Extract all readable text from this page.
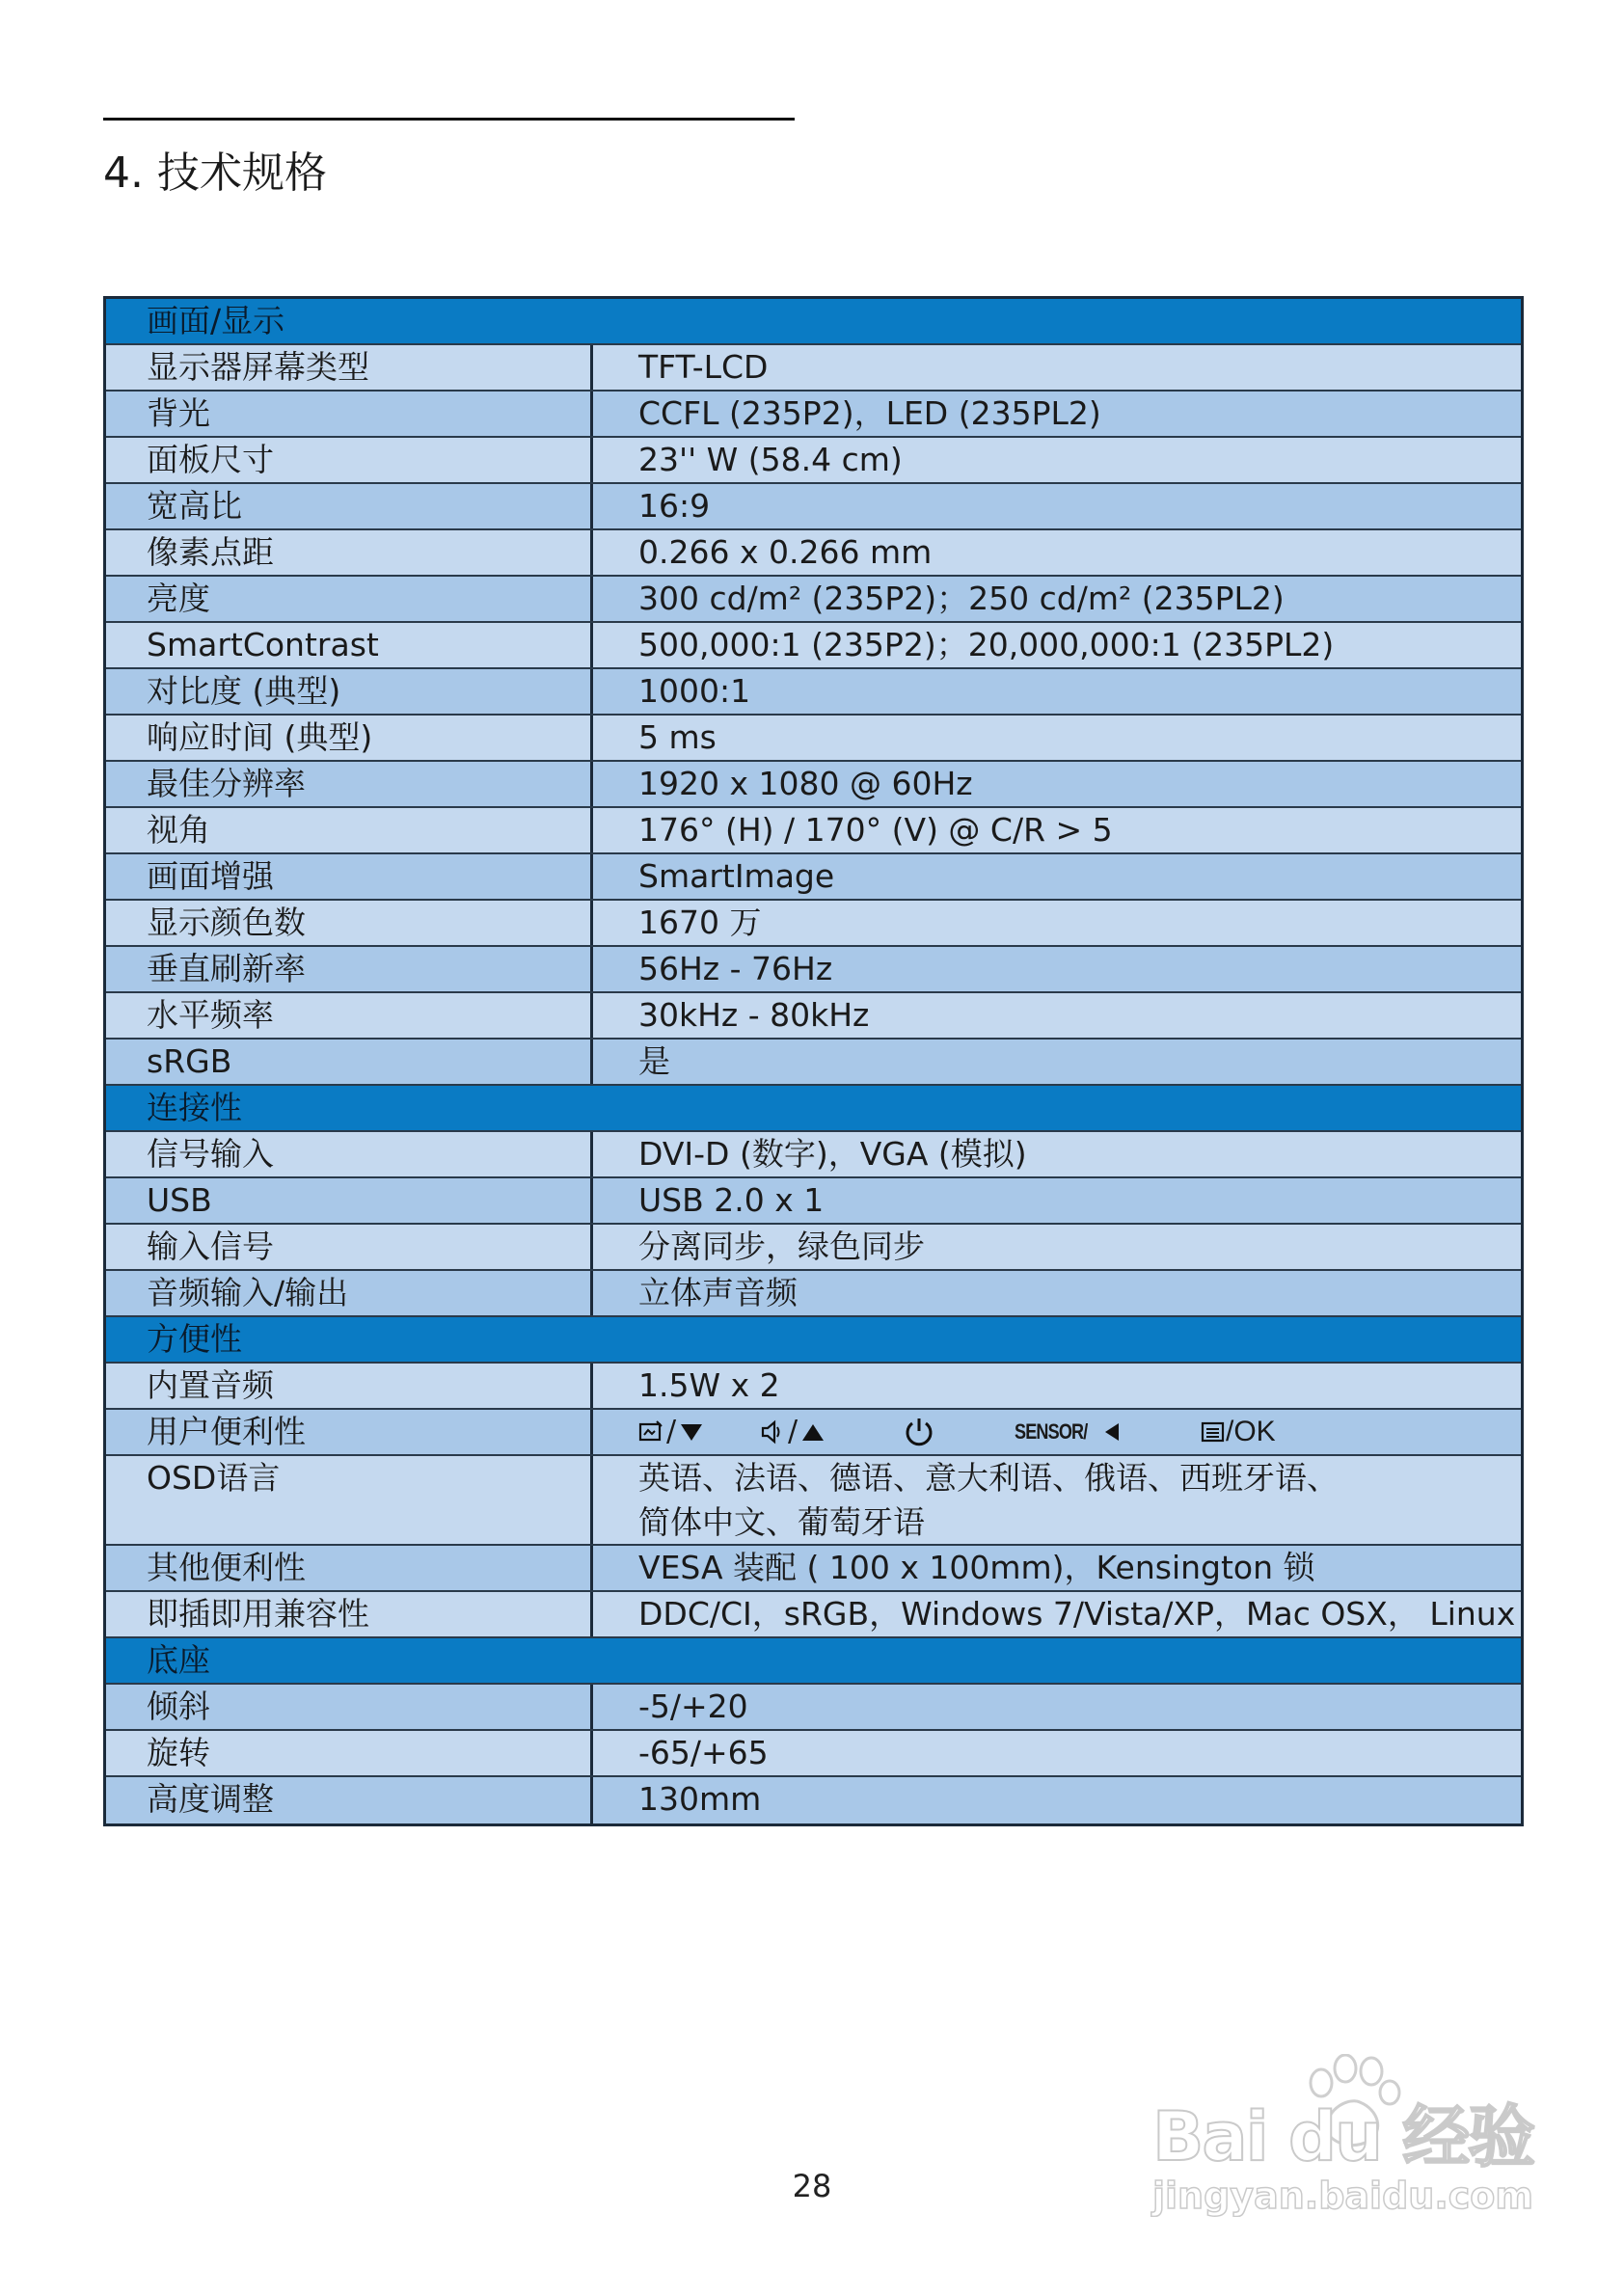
4. 技术规格
画面/显示
显示器屏幕类型	TFT-LCD
背光	CCFL (235P2)，LED (235PL2)
面板尺寸	23'' W (58.4 cm)
宽高比	16:9
像素点距	0.266 x 0.266 mm
亮度	300 cd/m² (235P2)；250 cd/m² (235PL2)
SmartContrast	500,000:1 (235P2)；20,000,000:1 (235PL2)
对比度 (典型)	1000:1
响应时间 (典型)	5 ms
最佳分辨率	1920 x 1080 @ 60Hz
视角	176° (H) / 170° (V) @ C/R > 5
画面增强	SmartImage
显示颜色数	1670 万
垂直刷新率	56Hz - 76Hz
水平频率	30kHz - 80kHz
sRGB	是
连接性
信号输入	DVI-D (数字)，VGA (模拟)
USB	USB 2.0 x 1
输入信号	分离同步，绿色同步
音频输入/输出	立体声音频
方便性
内置音频	1.5W x 2
用户便利性	/	/	SENSOR/	/OK
OSD语言	英语、法语、德语、意大利语、俄语、西班牙语、
简体中文、葡萄牙语
其他便利性	VESA 装配 ( 100 x 100mm)，Kensington 锁
即插即用兼容性	DDC/CI，sRGB，Windows 7/Vista/XP，Mac OSX， Linux
底座
倾斜	-5/+20
旋转	-65/+65
高度调整	130mm
28
Bai du 经验
jingyan.baidu.com
